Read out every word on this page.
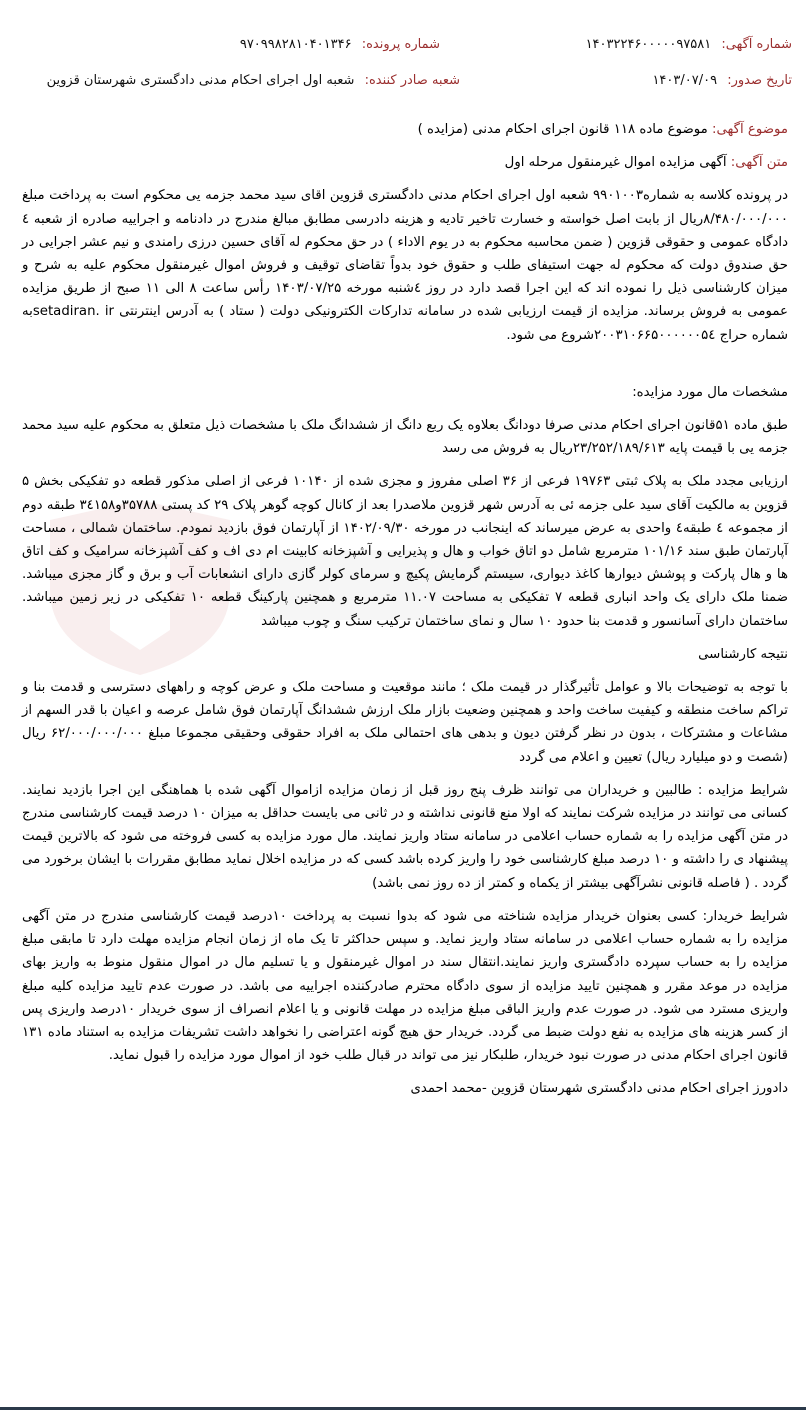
شماره آگهی: ۱۴۰۳۲۲۴۶۰۰۰۰۰۹۷۵۸۱
شماره پرونده: ۹۷۰۹۹۸۲۸۱۰۴۰۱۳۴۶
تاریخ صدور: ۱۴۰۳/۰۷/۰۹
شعبه صادر کننده: شعبه اول اجرای احکام مدنی دادگستری شهرستان قزوین

موضوع آگهی: موضوع ماده ۱۱۸ قانون اجرای احکام مدنی (مزایده )

متن آگهی: آگهی مزایده اموال غیرمنقول مرحله اول

در پرونده کلاسه به شماره۹۹۰۱۰۰۳ شعبه اول اجرای احکام مدنی دادگستری قزوین اقای سید محمد جزمه یی محکوم است به پرداخت مبلغ ۸/۴۸۰/۰۰۰/۰۰۰ریال از بابت اصل خواسته و خسارت تاخیر تادیه و هزینه دادرسی مطابق مبالغ مندرج در دادنامه و اجراییه صادره از شعبه ٤ دادگاه عمومی و حقوقی قزوین ( ضمن محاسبه محکوم به در یوم الاداء ) در حق محکوم له آقای حسین درزی رامندی و نیم عشر اجرایی در حق صندوق دولت که محکوم له جهت استیفای طلب و حقوق خود بدواً تقاضای توقیف و فروش اموال غیرمنقول محکوم علیه به شرح و میزان کارشناسی ذیل را نموده اند که این اجرا قصد دارد در روز ٤شنبه مورخه ۱۴۰۳/۰۷/۲۵ رأس ساعت ۸ الی ۱۱ صبح از طریق مزایده عمومی به فروش برساند. مزایده از قیمت ارزیابی شده در سامانه تدارکات الکترونیکی دولت ( ستاد ) به آدرس اینترنتی setadiran. irبه شماره حراج ۲۰۰۳۱۰۶۶۵۰۰۰۰۰۰۵٤شروع می شود.

مشخصات مال مورد مزایده:

طبق ماده ۵۱قانون اجرای احکام مدنی صرفا دودانگ بعلاوه یک ربع دانگ از ششدانگ ملک با مشخصات ذیل متعلق به محکوم علیه سید محمد جزمه یی با قیمت پایه ۲۳/۲۵۲/۱۸۹/۶۱۳ریال به فروش می رسد

ارزیابی مجدد ملک به پلاک ثبتی ۱۹۷۶۳ فرعی از ۳۶ اصلی مفروز و مجزی شده از ۱۰۱۴۰ فرعی از اصلی مذکور قطعه دو تفکیکی بخش ۵ قزوین به مالکیت آقای سید علی جزمه ئی به آدرس شهر قزوین ملاصدرا بعد از کانال کوچه گوهر پلاک ۲۹ کد پستی ۳۵۷۸۸و۳٤۱۵۸ طبقه دوم از مجموعه ٤ طبقه٤ واحدی به عرض میرساند که اینجانب در مورخه ۱۴۰۲/۰۹/۳۰ از آپارتمان فوق بازدید نمودم. ساختمان شمالی ، مساحت آپارتمان طبق سند ۱۰۱/۱۶ مترمربع شامل دو اتاق خواب و هال و پذیرایی و آشپزخانه کابینت ام دی اف و کف آشپزخانه سرامیک و کف اتاق ها و هال پارکت و پوشش دیوارها کاغذ دیواری، سیستم گرمایش پکیچ و سرمای کولر گازی دارای انشعابات آب و برق و گاز مجزی میباشد. ضمنا ملک دارای یک واحد انباری قطعه ۷ تفکیکی به مساحت ۱۱.۰۷ مترمربع و همچنین پارکینگ قطعه ۱۰ تفکیکی در زیر زمین میباشد. ساختمان دارای آسانسور و قدمت بنا حدود ۱۰ سال و نمای ساختمان ترکیب سنگ و چوب میباشد

نتیجه کارشناسی

با توجه به توضیحات بالا و عوامل تأثیرگذار در قیمت ملک ؛ مانند موقعیت و مساحت ملک و عرض کوچه و راههای دسترسی و قدمت بنا و تراکم ساخت منطقه و کیفیت ساخت واحد و همچنین وضعیت بازار ملک ارزش ششدانگ آپارتمان فوق شامل عرصه و اعیان با قدر السهم از مشاعات و مشترکات ، بدون در نظر گرفتن دیون و بدهی های احتمالی ملک به افراد حقوقی وحقیقی مجموعا مبلغ ۶۲/۰۰۰/۰۰۰/۰۰۰ ریال (شصت و دو میلیارد ریال) تعیین و اعلام می گردد

شرایط مزایده : طالبین و خریداران می توانند ظرف پنج روز قبل از زمان مزایده ازاموال آگهی شده با هماهنگی این اجرا بازدید نمایند. کسانی می توانند در مزایده شرکت نمایند که اولا منع قانونی نداشته و در ثانی می بایست حداقل به میزان ۱۰ درصد قیمت کارشناسی مندرج در متن آگهی مزایده را به شماره حساب اعلامی در سامانه ستاد واریز نمایند. مال مورد مزایده به کسی فروخته می شود که بالاترین قیمت پیشنهاد ی را داشته و ۱۰ درصد مبلغ کارشناسی خود را واریز کرده باشد کسی که در مزایده اخلال نماید مطابق مقررات با ایشان برخورد می گردد . ( فاصله قانونی نشرآگهی بیشتر از یکماه و کمتر از ده روز نمی باشد)

شرایط خریدار: کسی بعنوان خریدار مزایده شناخته می شود که بدوا نسبت به پرداخت ۱۰درصد قیمت کارشناسی مندرج در متن آگهی مزایده را به شماره حساب اعلامی در سامانه ستاد واریز نماید. و سپس حداکثر تا یک ماه از زمان انجام مزایده مهلت دارد تا مابقی مبلغ مزایده را به حساب سپرده دادگستری واریز نمایند.انتقال سند در اموال غیرمنقول و یا تسلیم مال در اموال منقول منوط به واریز بهای مزایده در موعد مقرر و همچنین تایید مزایده از سوی دادگاه محترم صادرکننده اجراییه می باشد. در صورت عدم تایید مزایده کلیه مبلغ واریزی مسترد می شود. در صورت عدم واریز الباقی مبلغ مزایده در مهلت قانونی و یا اعلام انصراف از سوی خریدار ۱۰درصد واریزی پس از کسر هزینه های مزایده به نفع دولت ضبط می گردد. خریدار حق هیچ گونه اعتراضی را نخواهد داشت تشریفات مزایده به استناد ماده ۱۳۱ قانون اجرای احکام مدنی در صورت نبود خریدار، طلبکار نیز می تواند در قبال طلب خود از اموال مورد مزایده را قبول نماید.

دادورز اجرای احکام مدنی دادگستری شهرستان قزوین -محمد احمدی
